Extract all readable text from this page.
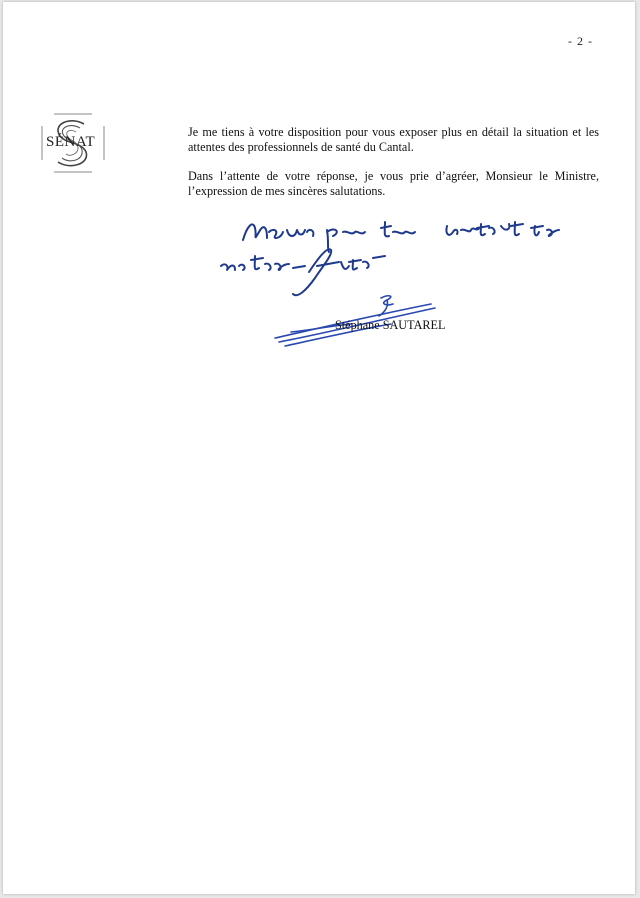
- 2 -
SÉNAT

Je me tiens à votre disposition pour vous exposer plus en détail la situation et les attentes des professionnels de santé du Cantal.

Dans l’attente de votre réponse, je vous prie d’agréer, Monsieur le Ministre, l’expression de mes sincères salutations.

Stéphane SAUTAREL
